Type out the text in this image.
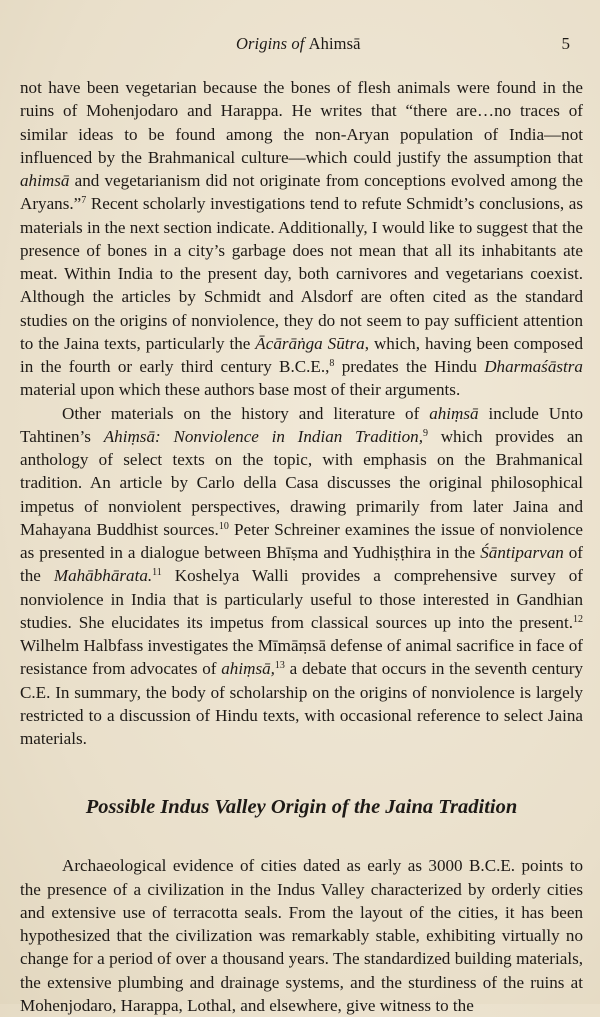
Origins of Ahimsā	5

not have been vegetarian because the bones of flesh animals were found in the ruins of Mohenjodaro and Harappa. He writes that “there are…no traces of similar ideas to be found among the non-Aryan population of India—not influenced by the Brahmanical culture—which could justify the assumption that ahimsā and vegetarianism did not originate from conceptions evolved among the Aryans.”$^7$ Recent scholarly investigations tend to refute Schmidt’s conclusions, as materials in the next section indicate. Additionally, I would like to suggest that the presence of bones in a city’s garbage does not mean that all its inhabitants ate meat. Within India to the present day, both carnivores and vegetarians coexist. Although the articles by Schmidt and Alsdorf are often cited as the standard studies on the origins of nonviolence, they do not seem to pay sufficient attention to the Jaina texts, particularly the Ācārāṅga Sūtra, which, having been composed in the fourth or early third century B.C.E.,$^8$ predates the Hindu Dharmaśāstra material upon which these authors base most of their arguments.

Other materials on the history and literature of ahiṃsā include Unto Tahtinen’s Ahiṃsā: Nonviolence in Indian Tradition,$^9$ which provides an anthology of select texts on the topic, with emphasis on the Brahmanical tradition. An article by Carlo della Casa discusses the original philosophical impetus of nonviolent perspectives, drawing primarily from later Jaina and Mahayana Buddhist sources.$^{10}$ Peter Schreiner examines the issue of nonviolence as presented in a dialogue between Bhīṣma and Yudhiṣṭhira in the Śāntiparvan of the Mahābhārata.$^{11}$ Koshelya Walli provides a comprehensive survey of nonviolence in India that is particularly useful to those interested in Gandhian studies. She elucidates its impetus from classical sources up into the present.$^{12}$ Wilhelm Halbfass investigates the Mīmāṃsā defense of animal sacrifice in face of resistance from advocates of ahiṃsā,$^{13}$ a debate that occurs in the seventh century C.E. In summary, the body of scholarship on the origins of nonviolence is largely restricted to a discussion of Hindu texts, with occasional reference to select Jaina materials.

Possible Indus Valley Origin of the Jaina Tradition

Archaeological evidence of cities dated as early as 3000 B.C.E. points to the presence of a civilization in the Indus Valley characterized by orderly cities and extensive use of terracotta seals. From the layout of the cities, it has been hypothesized that the civilization was remarkably stable, exhibiting virtually no change for a period of over a thousand years. The standardized building materials, the extensive plumbing and drainage systems, and the sturdiness of the ruins at Mohenjodaro, Harappa, Lothal, and elsewhere, give witness to the
